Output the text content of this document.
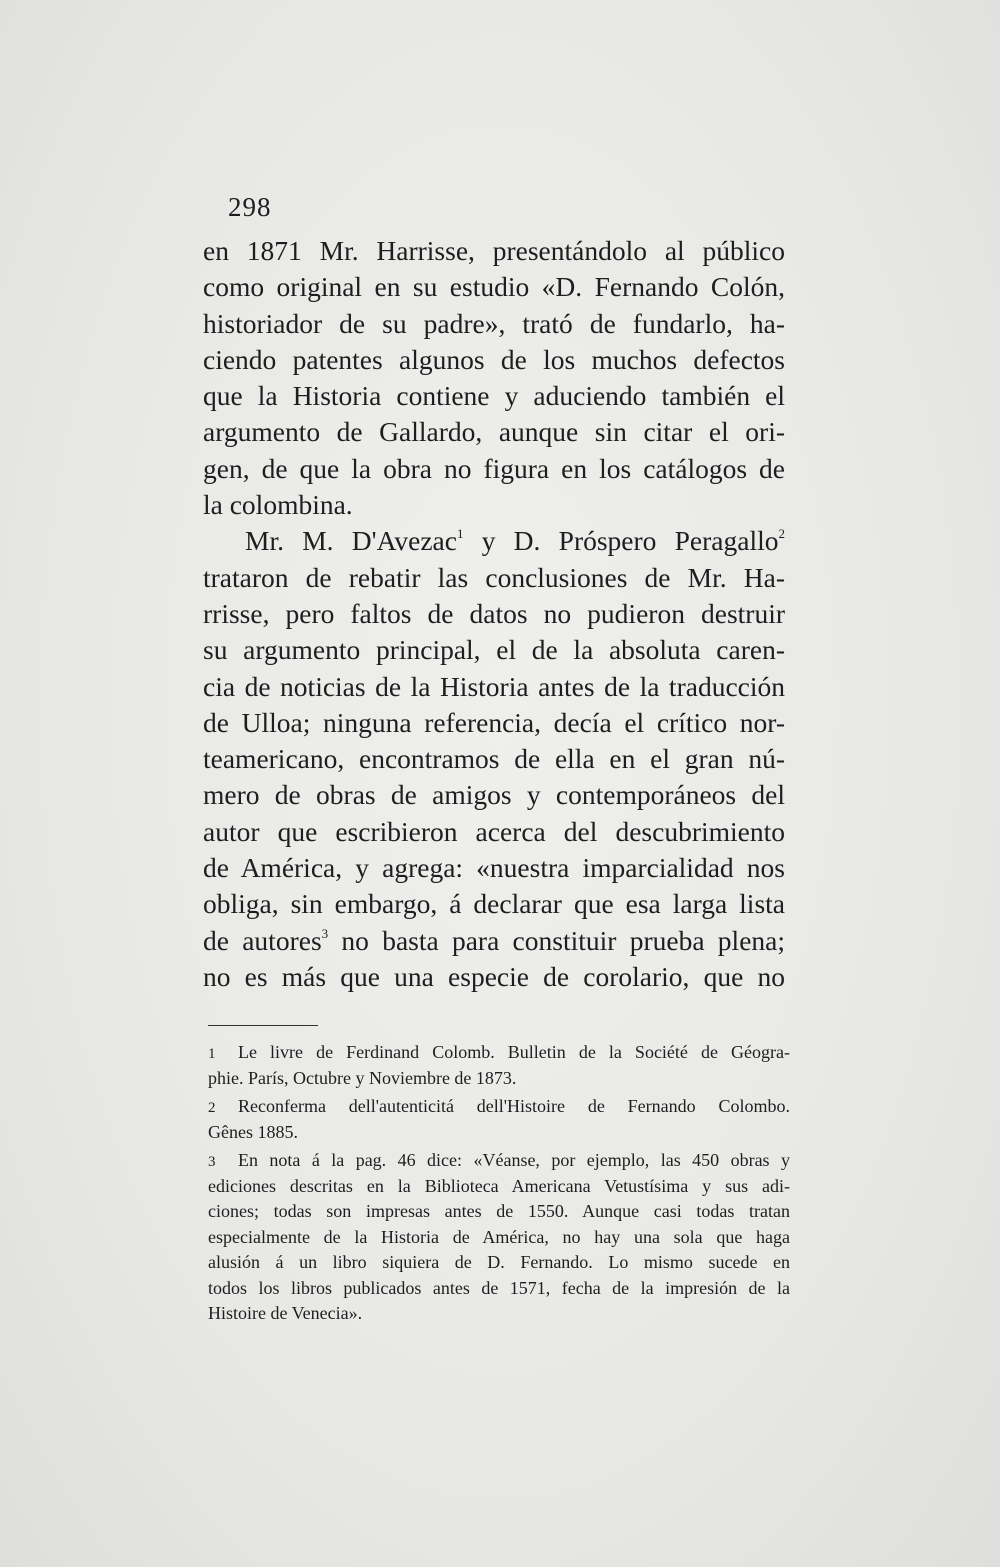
298
en 1871 Mr. Harrisse, presentándolo al público
como original en su estudio «D. Fernando Colón,
historiador de su padre», trató de fundarlo, ha-
ciendo patentes algunos de los muchos defectos
que la Historia contiene y aduciendo también el
argumento de Gallardo, aunque sin citar el ori-
gen, de que la obra no figura en los catálogos de
la colombina.
Mr. M. D'Avezac$^1$ y D. Próspero Peragallo$^2$
trataron de rebatir las conclusiones de Mr. Ha-
rrisse, pero faltos de datos no pudieron destruir
su argumento principal, el de la absoluta caren-
cia de noticias de la Historia antes de la traducción
de Ulloa; ninguna referencia, decía el crítico nor-
teamericano, encontramos de ella en el gran nú-
mero de obras de amigos y contemporáneos del
autor que escribieron acerca del descubrimiento
de América, y agrega: «nuestra imparcialidad nos
obliga, sin embargo, á declarar que esa larga lista
de autores$^3$ no basta para constituir prueba plena;
no es más que una especie de corolario, que no
1 Le livre de Ferdinand Colomb. Bulletin de la Société de Géogra-
phie. París, Octubre y Noviembre de 1873.
2 Reconferma dell'autenticitá dell'Histoire de Fernando Colombo.
Gênes 1885.
3 En nota á la pag. 46 dice: «Véanse, por ejemplo, las 450 obras y
ediciones descritas en la Biblioteca Americana Vetustísima y sus adi-
ciones; todas son impresas antes de 1550. Aunque casi todas tratan
especialmente de la Historia de América, no hay una sola que haga
alusión á un libro siquiera de D. Fernando. Lo mismo sucede en
todos los libros publicados antes de 1571, fecha de la impresión de la
Histoire de Venecia».
